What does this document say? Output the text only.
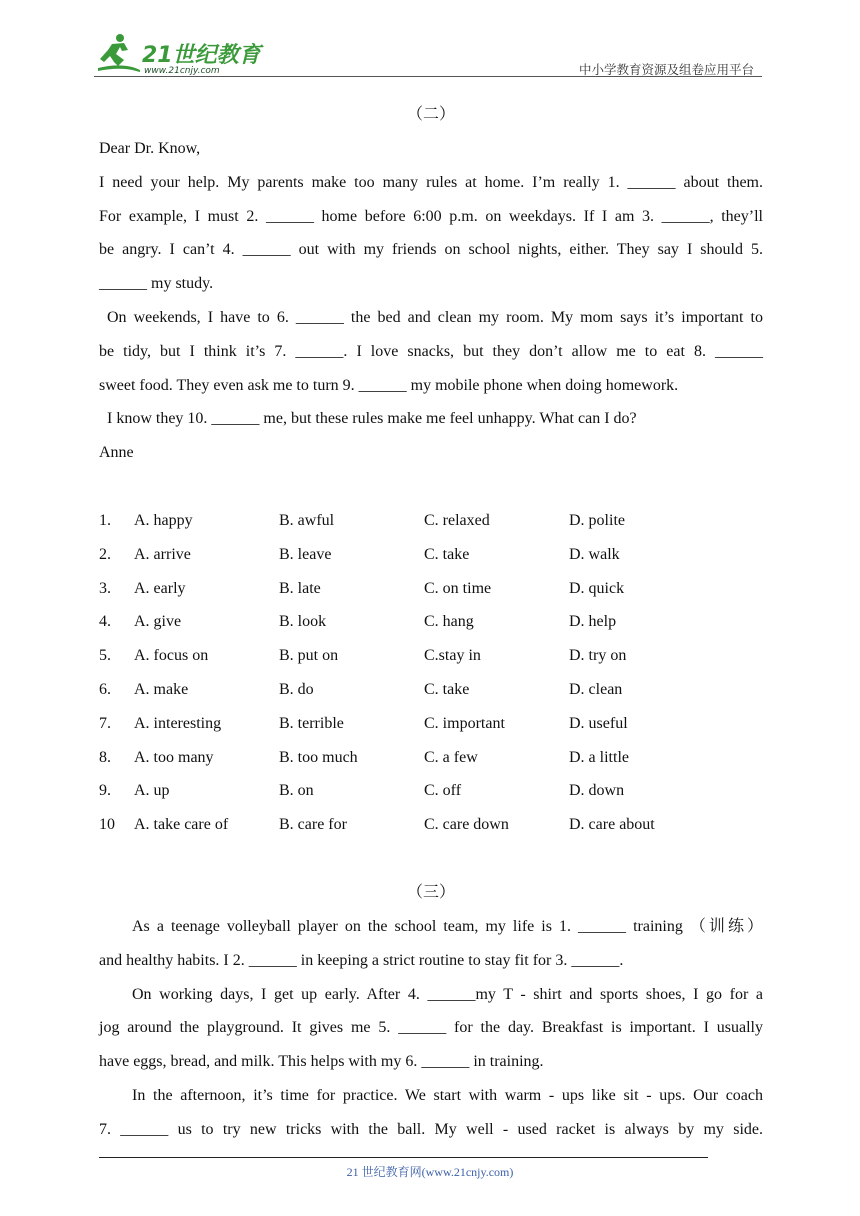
21世纪教育
www.21cnjy.com	中小学教育资源及组卷应用平台
（二）
Dear Dr. Know,
I need your help. My parents make too many rules at home. I’m really 1. ______ about them.
For example, I must 2. ______ home before 6:00 p.m. on weekdays. If I am 3. ______, they’ll
be angry. I can’t 4. ______ out with my friends on school nights, either. They say I should 5.
______ my study.
On weekends, I have to 6. ______ the bed and clean my room. My mom says it’s important to
be tidy, but I think it’s 7. ______. I love snacks, but they don’t allow me to eat 8. ______
sweet food. They even ask me to turn 9. ______ my mobile phone when doing homework.
I know they 10. ______ me, but these rules make me feel unhappy. What can I do?
Anne
1.	A. happy	B. awful	C. relaxed	D. polite
2.	A. arrive	B. leave	C. take	D. walk
3.	A. early	B. late	C. on time	D. quick
4.	A. give	B. look	C. hang	D. help
5.	A. focus on	B. put on	C.stay in	D. try on
6.	A. make	B. do	C. take	D. clean
7.	A. interesting	B. terrible	C. important	D. useful
8.	A. too many	B. too much	C. a few	D. a little
9.	A. up	B. on	C. off	D. down
10	A. take care of	B. care for	C. care down	D. care about
（三）
As a teenage volleyball player on the school team, my life is 1. ______ training （训练）
and healthy habits. I 2. ______ in keeping a strict routine to stay fit for 3. ______.
On working days, I get up early. After 4. ______my T - shirt and sports shoes, I go for a
jog around the playground. It gives me 5. ______ for the day. Breakfast is important. I usually
have eggs, bread, and milk. This helps with my 6. ______ in training.
In the afternoon, it’s time for practice. We start with warm - ups like sit - ups. Our coach
7. ______ us to try new tricks with the ball. My well - used racket is always by my side.
21 世纪教育网(www.21cnjy.com)
